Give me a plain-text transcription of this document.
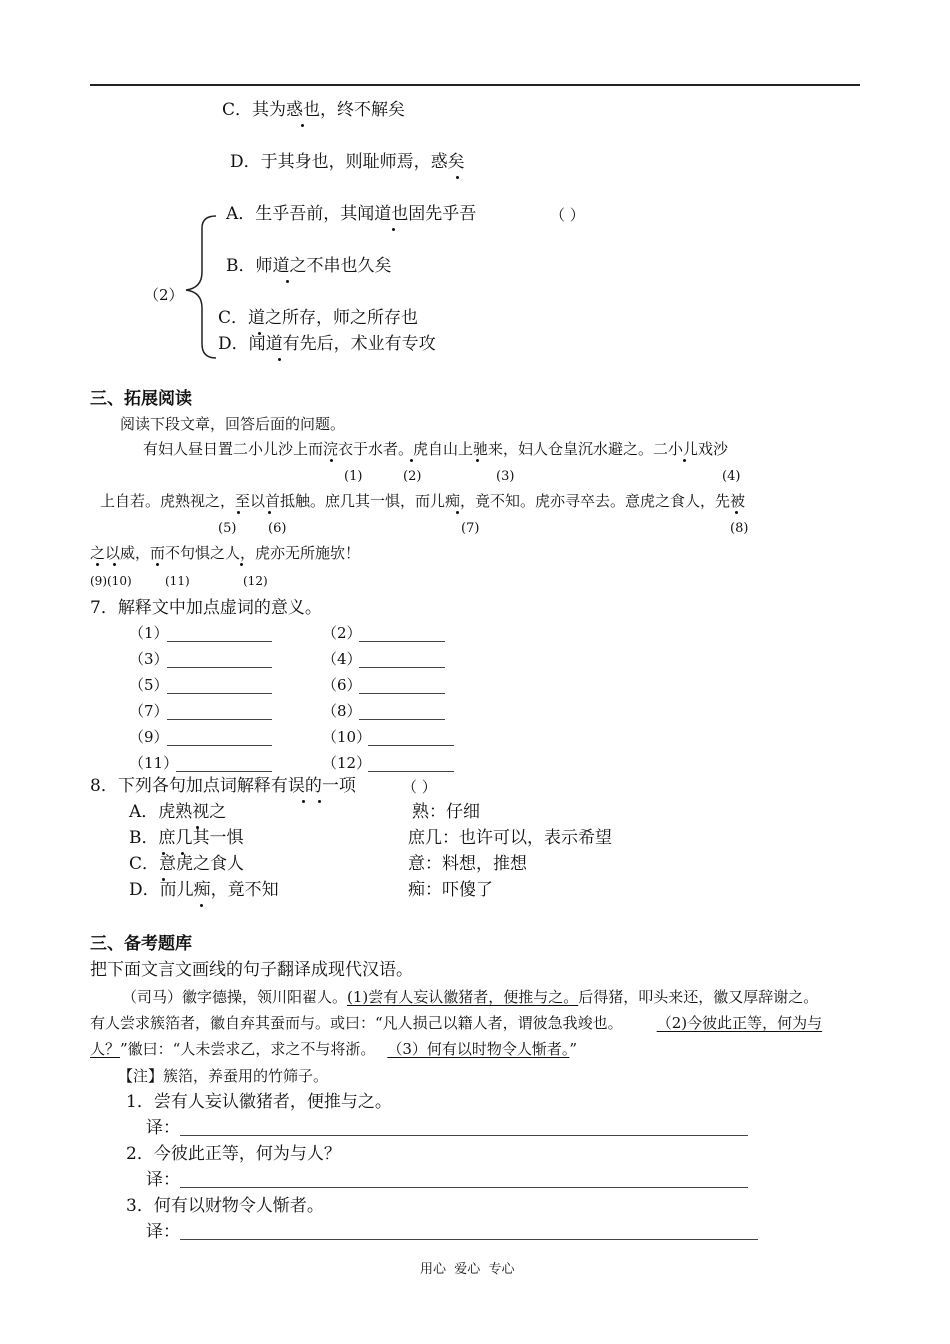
C．其为惑也，终不解矣
D．于其身也，则耻师焉，惑矣
（2）
A．生乎吾前，其闻道也固先乎吾	（ ）
B．师道之不串也久矣
C．道之所存，师之所存也
D．闻道有先后，术业有专攻
三、拓展阅读
阅读下段文章，回答后面的问题。
有妇人昼日置二小儿沙上而浣衣于水者。虎自山上驰来，妇人仓皇沉水避之。二小儿戏沙
(1)	(2)	(3)	(4)
上自若。虎熟视之，至以首抵触。庶几其一惧，而儿痴，竟不知。虎亦寻卒去。意虎之食人，先被
(5) (6)	(7)	(8)
之以威，而不句惧之人，虎亦无所施欤！
(9)(10)	(11)	(12)
7．解释文中加点虚词的意义。
（1）	（2）
（3）	（4）
（5）	（6）
（7）	（8）
（9）	（10）
（11）	（12）
8．下列各句加点词解释有误的一项	（ ）
A．虎熟视之	熟：仔细
B．庶几其一惧	庶几：也许可以，表示希望
C．意虎之食人	意：料想，推想
D．而儿痴，竟不知	痴：吓傻了
三、备考题库
把下面文言文画线的句子翻译成现代汉语。
（司马）徽字德操，领川阳翟人。(1)尝有人妄认徽猪者，便推与之。后得猪，叩头来还，徽又厚辞谢之。
有人尝求簇箔者，徽自弃其蚕而与。或曰：“凡人损己以籍人者，谓彼急我竣也。 （2)今彼此正等，何为与
人？”徽曰：“人未尝求乙，求之不与将浙。 （3）何有以时物令人惭者。”
【注】簇箔，养蚕用的竹筛子。
1．尝有人妄认徽猪者，便推与之。
译：
2．今彼此正等，何为与人？
译：
3．何有以财物令人惭者。
译：
用心  爱心  专心
